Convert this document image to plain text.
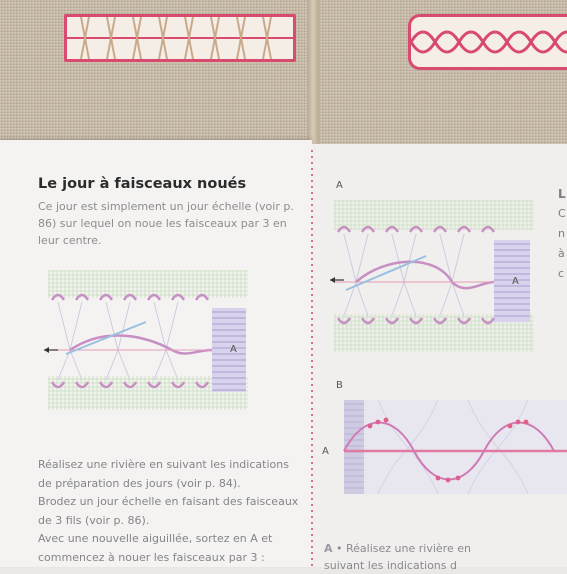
Le jour à faisceaux noués

Ce jour est simplement un jour échelle (voir p. 86) sur lequel on noue les faisceaux par 3 en leur centre.

A

Réalisez une rivière en suivant les indications de préparation des jours (voir p. 84).

Brodez un jour échelle en faisant des faisceaux de 3 fils (voir p. 86).

Avec une nouvelle aiguillée, sortez en A et commencez à nouer les faisceaux par 3 :

A
A
B
A
A • Réalisez une rivière en
suivant les indications d
L
C
n
à
c
